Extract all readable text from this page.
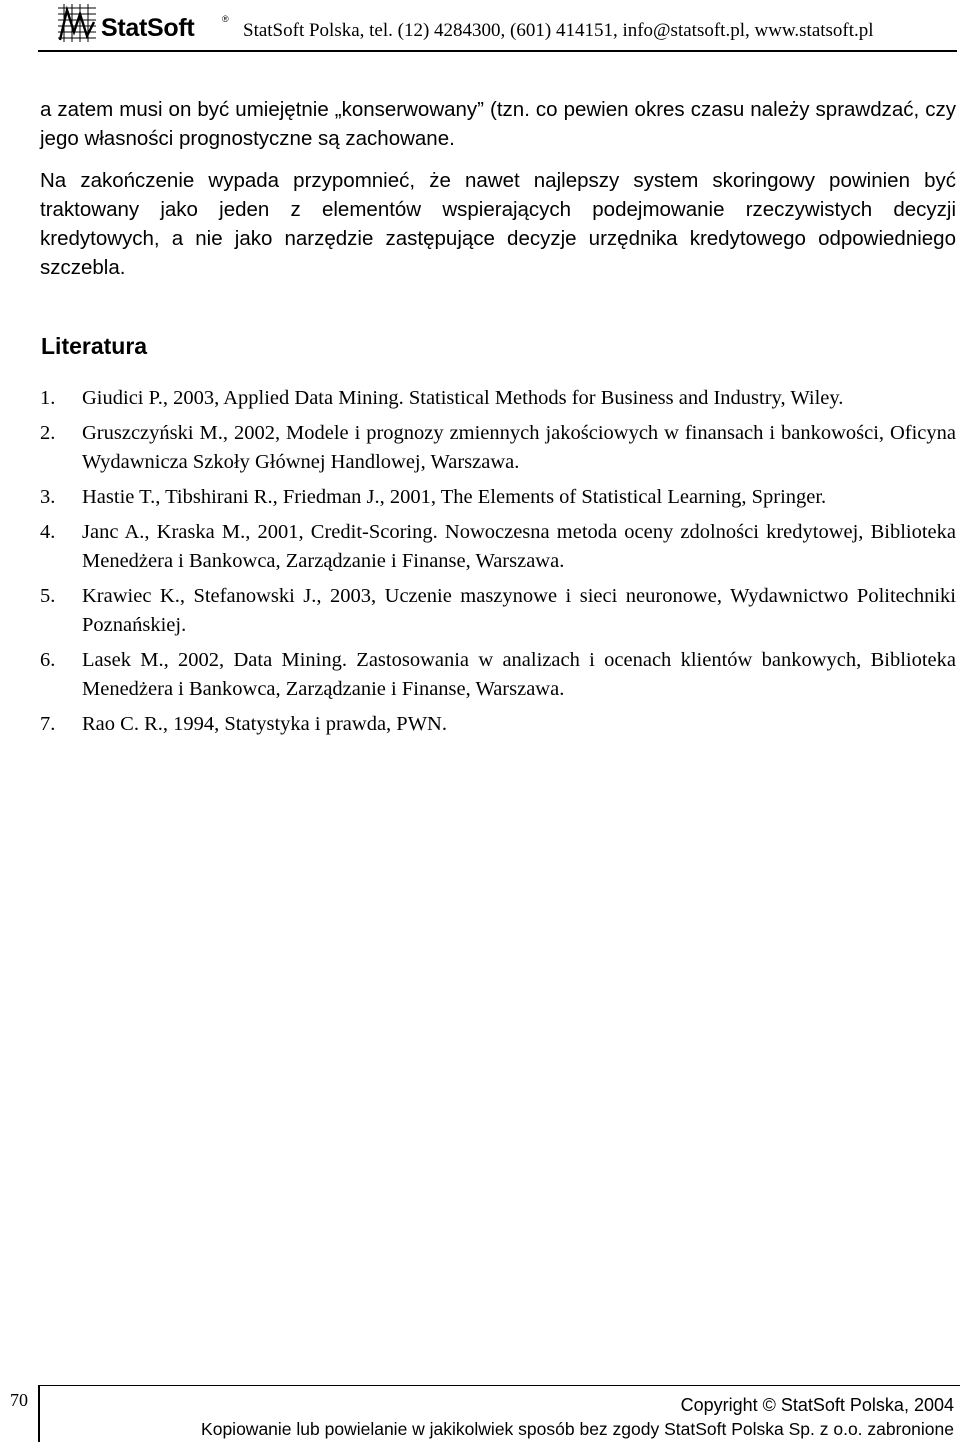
StatSoft	®
StatSoft Polska, tel. (12) 4284300, (601) 414151, info@statsoft.pl, www.statsoft.pl

a zatem musi on być umiejętnie „konserwowany” (tzn. co pewien okres czasu należy sprawdzać, czy jego własności prognostyczne są zachowane.

Na zakończenie wypada przypomnieć, że nawet najlepszy system skoringowy powinien być traktowany jako jeden z elementów wspierających podejmowanie rzeczywistych decyzji kredytowych, a nie jako narzędzie zastępujące decyzje urzędnika kredytowego odpowiedniego szczebla.

Literatura
1.	Giudici P., 2003, Applied Data Mining. Statistical Methods for Business and Industry, Wiley.
2.	Gruszczyński M., 2002, Modele i prognozy zmiennych jakościowych w finansach i bankowości, Oficyna Wydawnicza Szkoły Głównej Handlowej, Warszawa.
3.	Hastie T., Tibshirani R., Friedman J., 2001, The Elements of Statistical Learning, Springer.
4.	Janc A., Kraska M., 2001, Credit-Scoring. Nowoczesna metoda oceny zdolności kredytowej, Biblioteka Menedżera i Bankowca, Zarządzanie i Finanse, Warszawa.
5.	Krawiec K., Stefanowski J., 2003, Uczenie maszynowe i sieci neuronowe, Wydawnictwo Politechniki Poznańskiej.
6.	Lasek M., 2002, Data Mining. Zastosowania w analizach i ocenach klientów bankowych, Biblioteka Menedżera i Bankowca, Zarządzanie i Finanse, Warszawa.
7.	Rao C. R., 1994, Statystyka i prawda, PWN.
70	Copyright © StatSoft Polska, 2004
Kopiowanie lub powielanie w jakikolwiek sposób bez zgody StatSoft Polska Sp. z o.o. zabronione
